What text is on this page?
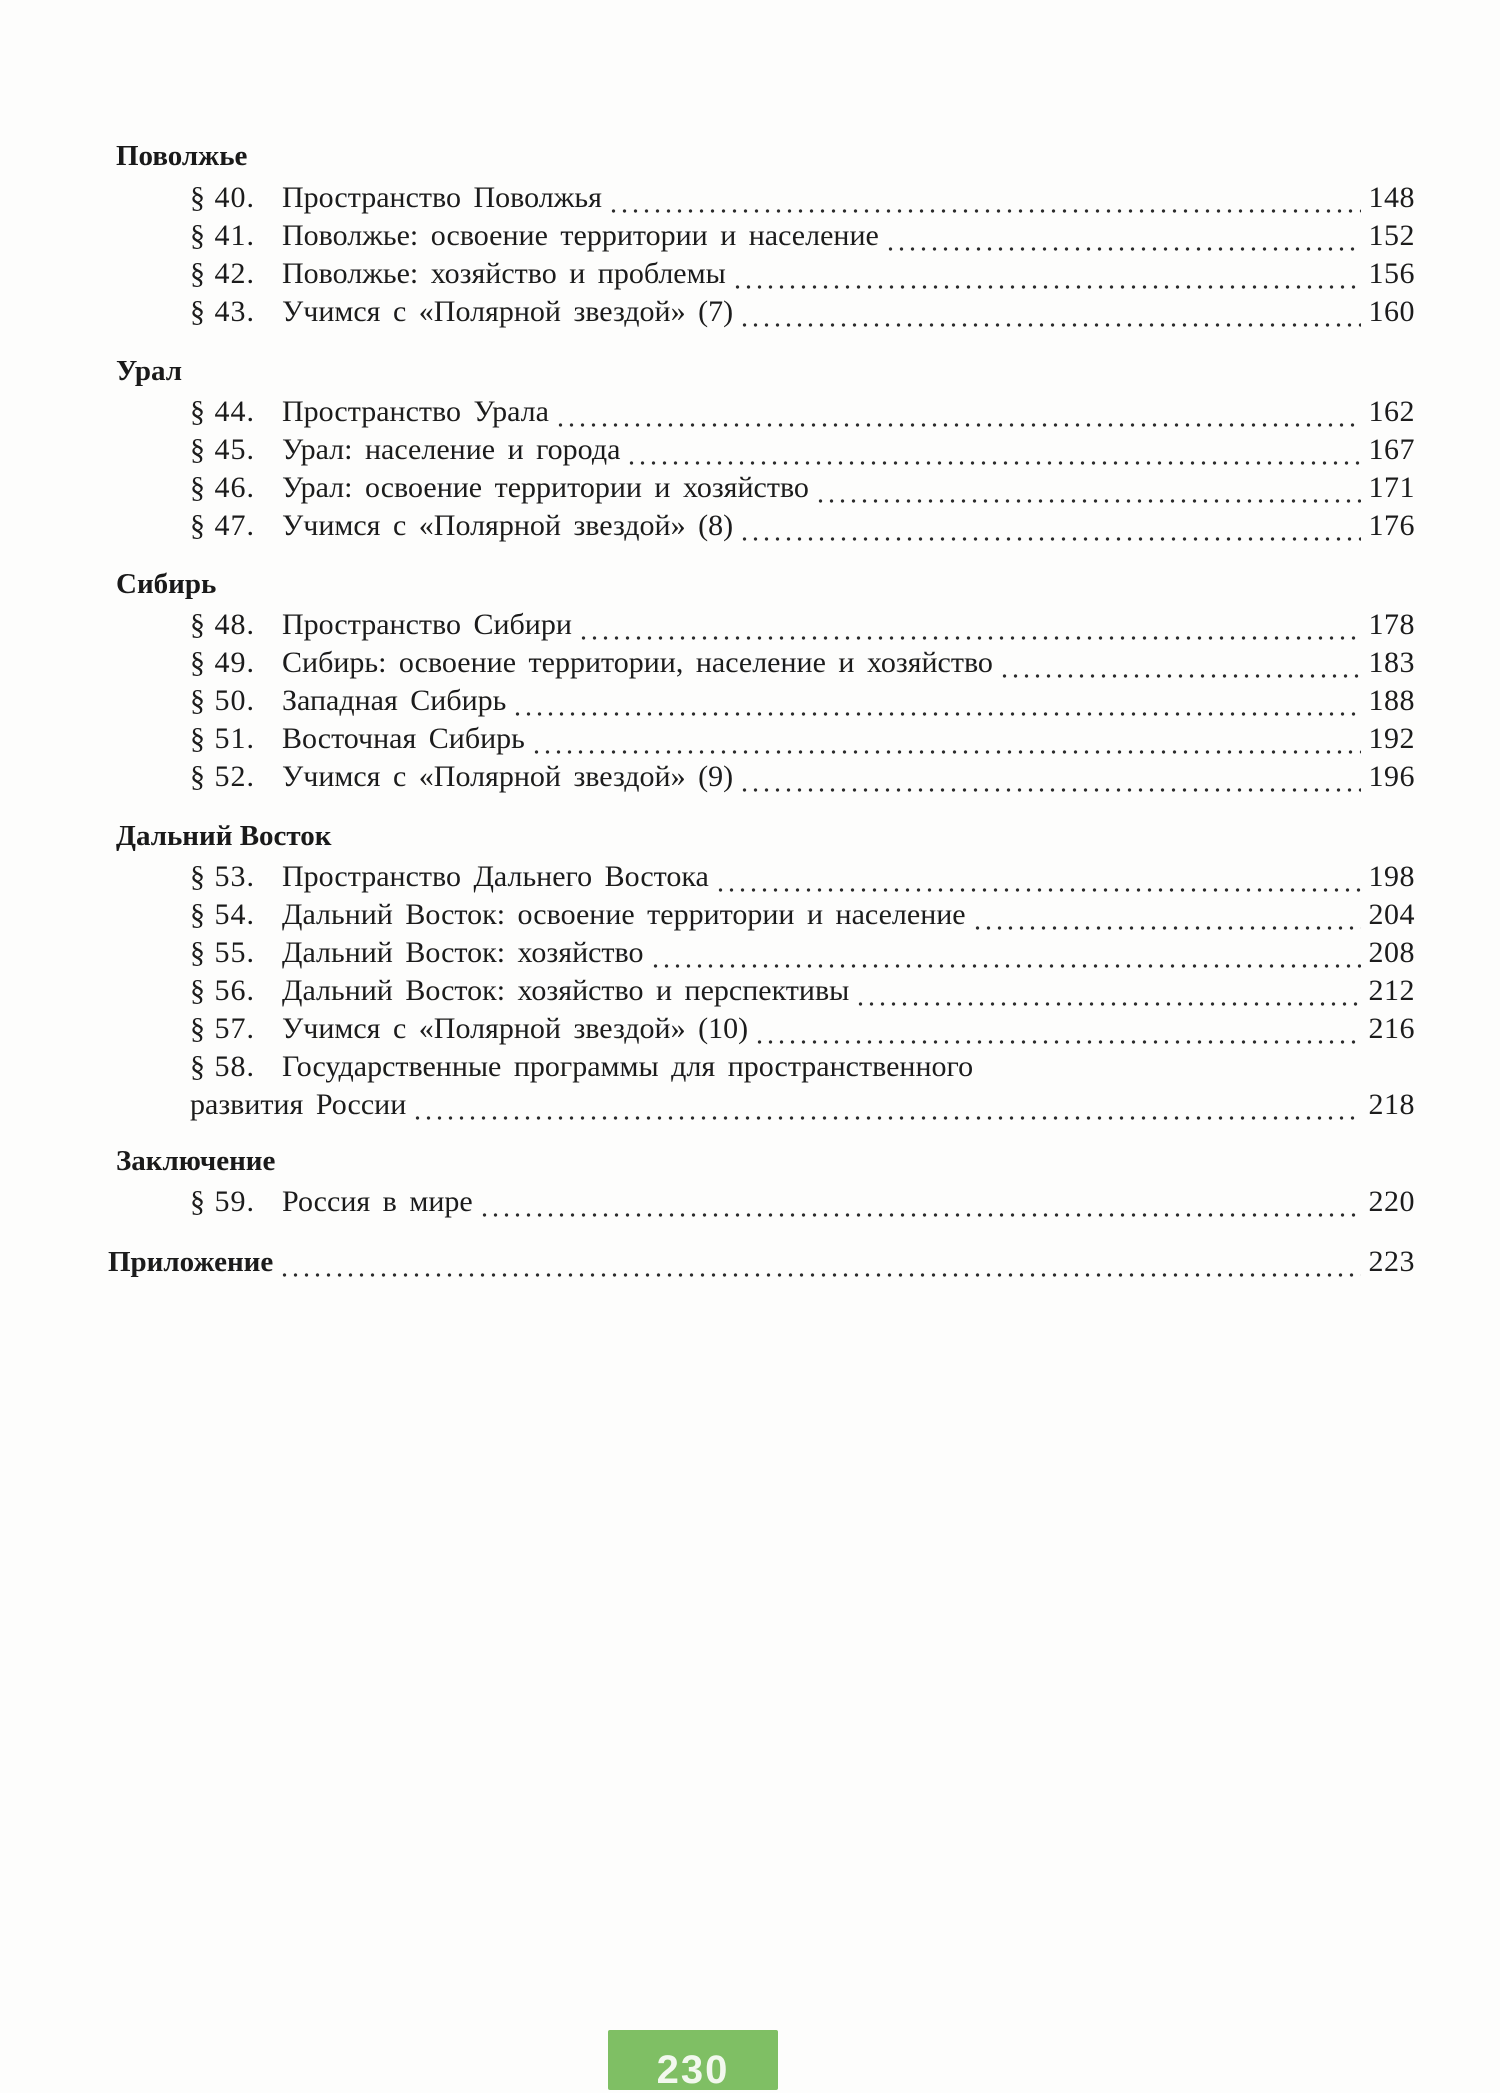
Поволжье
§ 40. Пространство Поволжья	148
§ 41. Поволжье: освоение территории и население	152
§ 42. Поволжье: хозяйство и проблемы	156
§ 43. Учимся с «Полярной звездой» (7)	160
Урал
§ 44. Пространство Урала	162
§ 45. Урал: население и города	167
§ 46. Урал: освоение территории и хозяйство	171
§ 47. Учимся с «Полярной звездой» (8)	176
Сибирь
§ 48. Пространство Сибири	178
§ 49. Сибирь: освоение территории, население и хозяйство	183
§ 50. Западная Сибирь	188
§ 51. Восточная Сибирь	192
§ 52. Учимся с «Полярной звездой» (9)	196
Дальний Восток
§ 53. Пространство Дальнего Востока	198
§ 54. Дальний Восток: освоение территории и население	204
§ 55. Дальний Восток: хозяйство	208
§ 56. Дальний Восток: хозяйство и перспективы	212
§ 57. Учимся с «Полярной звездой» (10)	216
§ 58. Государственные программы для пространственного
развития России	218
Заключение
§ 59. Россия в мире	220
Приложение	223
230
